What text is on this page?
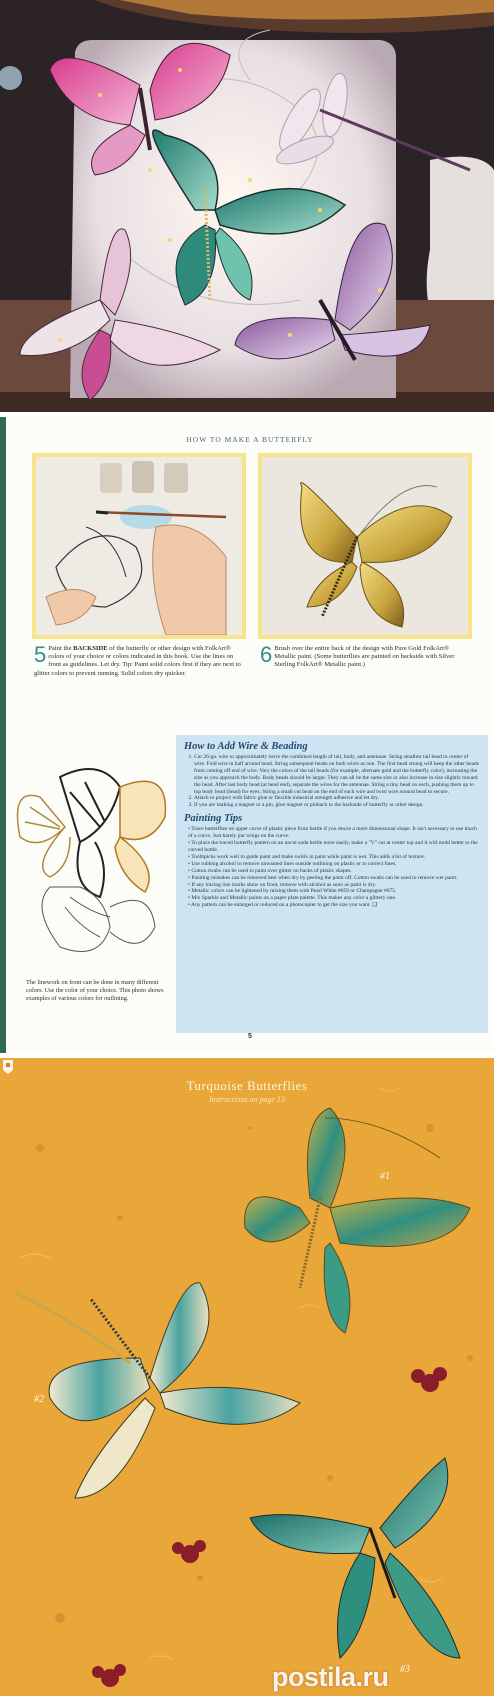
HOW TO MAKE A BUTTERFLY
5 Paint the BACKSIDE of the butterfly or other design with FolkArt® colors of your choice or colors indicated in this book. Use the lines on front as guidelines. Let dry. Tip: Paint solid colors first if they are next to glitter colors to prevent running. Solid colors dry quicker.
6 Brush over the entire back of the design with Pure Gold FolkArt® Metallic paint. (Some butterflies are painted on backside with Silver Sterling FolkArt® Metallic paint.)
The linework on front can be done in many different colors. Use the color of your choice. This photo shows examples of various colors for outlining.
How to Add Wire & Beading
1. Cut 26-ga. wire to approximately twice the combined length of tail, body, and antennae. String smallest tail bead to center of wire. Fold wire in half around bead. String subsequent beads on both wires as one. The first bead strung will keep the other beads from coming off end of wire. Vary the colors of the tail beads (for example, alternate gold and the butterfly color), increasing the size as you approach the body. Body beads should be larger. They can all be the same size or also increase in size slightly toward the head. After last body bead (at head end), separate the wires for the antennae. String a tiny bead on each, pushing them up to top body bead (head) for eyes. String a small cut bead on the end of each wire and twist wire around bead to secure.
2. Attach to project with fabric glue or flexible industrial strength adhesive and let dry.
3. If you are making a magnet or a pin, glue magnet or pinback to the backside of butterfly or other design.
Painting Tips
• Trace butterflies on upper curve of plastic piece from bottle if you desire a more dimensional shape. It isn't necessary to use much of a curve. Just barely put wings on the curve.
• To place the traced butterfly pattern on an uncut soda bottle more easily, make a "V" cut at center top and it will mold better to the curved bottle.
• Toothpicks work well to guide paint and make swirls in paint while paint is wet. This adds a bit of texture.
• Use rubbing alcohol to remove unwanted lines outside outlining on plastic or to correct lines.
• Cotton swabs can be used to paint over glitter on backs of plastic shapes.
• Painting mistakes can be removed best when dry by peeling the paint off. Cotton swabs can be used to remove wet paint.
• If any tracing line marks show on front, remove with alcohol as soon as paint is dry.
• Metallic colors can be lightened by mixing them with Pearl White #659 or Champagne #675.
• Mix Sparkle and Metallic paints on a paper plate palette. This makes any color a glittery one.
• Any pattern can be enlarged or reduced on a photocopier to get the size you want. ❑
5
Turquoise Butterflies
Instructions on page 13
#1
#2
#3
postila.ru
